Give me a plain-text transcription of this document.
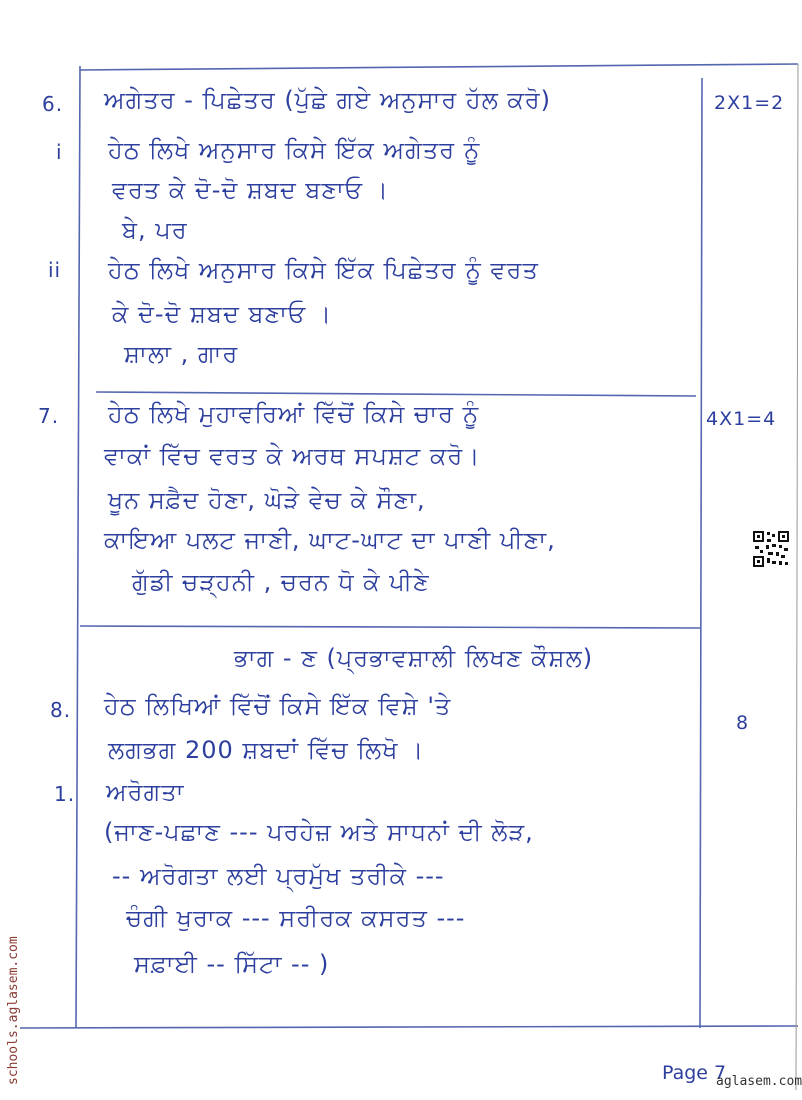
6. ਅਗੇਤਰ - ਪਿਛੇਤਰ (ਪੁੱਛੇ ਗਏ ਅਨੁਸਾਰ ਹੱਲ ਕਰੋ)	2X1=2
i ਹੇਠ ਲਿਖੇ ਅਨੁਸਾਰ ਕਿਸੇ ਇੱਕ ਅਗੇਤਰ ਨੂੰ
ਵਰਤ ਕੇ ਦੋ-ਦੋ ਸ਼ਬਦ ਬਣਾਓ ।
ਬੇ, ਪਰ
ii ਹੇਠ ਲਿਖੇ ਅਨੁਸਾਰ ਕਿਸੇ ਇੱਕ ਪਿਛੇਤਰ ਨੂੰ ਵਰਤ
ਕੇ ਦੋ-ਦੋ ਸ਼ਬਦ ਬਣਾਓ ।
ਸ਼ਾਲਾ , ਗਾਰ
7.	4X1=4
ਹੇਠ ਲਿਖੇ ਮੁਹਾਵਰਿਆਂ ਵਿੱਚੋਂ ਕਿਸੇ ਚਾਰ ਨੂੰ
ਵਾਕਾਂ ਵਿੱਚ ਵਰਤ ਕੇ ਅਰਥ ਸਪਸ਼ਟ ਕਰੋ।
ਖੂਨ ਸਫ਼ੈਦ ਹੋਣਾ, ਘੋੜੇ ਵੇਚ ਕੇ ਸੌਣਾ,
ਕਾਇਆ ਪਲਟ ਜਾਣੀ, ਘਾਟ-ਘਾਟ ਦਾ ਪਾਣੀ ਪੀਣਾ,
ਗੁੱਡੀ ਚੜ੍ਹਨੀ , ਚਰਨ ਧੋ ਕੇ ਪੀਣੇ
ਭਾਗ - ਣ (ਪ੍ਰਭਾਵਸ਼ਾਲੀ ਲਿਖਣ ਕੌਸ਼ਲ)
8.
8
ਹੇਠ ਲਿਖਿਆਂ ਵਿੱਚੋਂ ਕਿਸੇ ਇੱਕ ਵਿਸ਼ੇ 'ਤੇ
ਲਗਭਗ 200 ਸ਼ਬਦਾਂ ਵਿੱਚ ਲਿਖੋ ।
1. ਅਰੋਗਤਾ
(ਜਾਣ-ਪਛਾਣ --- ਪਰਹੇਜ਼ ਅਤੇ ਸਾਧਨਾਂ ਦੀ ਲੋੜ,
-- ਅਰੋਗਤਾ ਲਈ ਪ੍ਰਮੁੱਖ ਤਰੀਕੇ ---
ਚੰਗੀ ਖੁਰਾਕ --- ਸਰੀਰਕ ਕਸਰਤ ---
ਸਫ਼ਾਈ -- ਸਿੱਟਾ -- )
Page 7
aglasem.com
schools.aglasem.com
